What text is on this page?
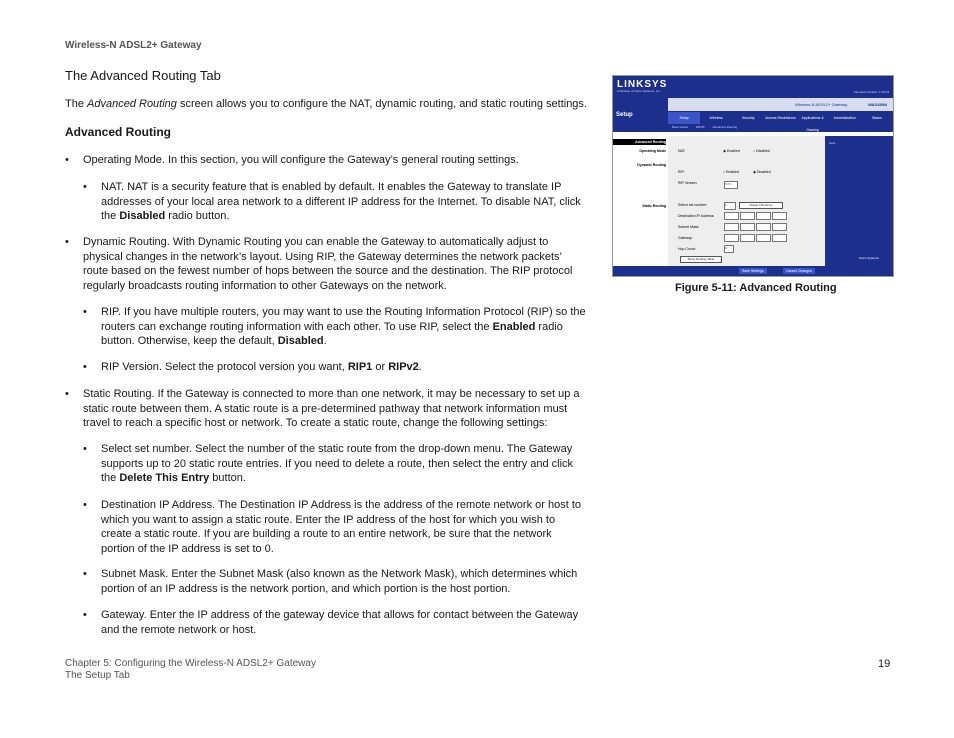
Wireless-N ADSL2+ Gateway
The Advanced Routing Tab
The Advanced Routing screen allows you to configure the NAT, dynamic routing, and static routing settings.
Advanced Routing
•	Operating Mode. In this section, you will configure the Gateway’s general routing settings.
•	NAT. NAT is a security feature that is enabled by default. It enables the Gateway to translate IP addresses of your local area network to a different IP address for the Internet. To disable NAT, click the Disabled radio button.
•	Dynamic Routing. With Dynamic Routing you can enable the Gateway to automatically adjust to physical changes in the network’s layout. Using RIP, the Gateway determines the network packets’ route based on the fewest number of hops between the source and the destination. The RIP protocol regularly broadcasts routing information to other Gateways on the network.
•	RIP. If you have multiple routers, you may want to use the Routing Information Protocol (RIP) so the routers can exchange routing information with each other. To use RIP, select the Enabled radio button. Otherwise, keep the default, Disabled.
•	RIP Version. Select the protocol version you want, RIP1 or RIPv2.
•	Static Routing. If the Gateway is connected to more than one network, it may be necessary to set up a static route between them. A static route is a pre-determined pathway that network information must travel to reach a specific host or network. To create a static route, change the following settings:
•	Select set number. Select the number of the static route from the drop-down menu. The Gateway supports up to 20 static route entries. If you need to delete a route, then select the entry and click the Delete This Entry button.
•	Destination IP Address. The Destination IP Address is the address of the remote network or host to which you want to assign a static route. Enter the IP address of the host for which you wish to create a static route. If you are building a route to an entire network, be sure that the network portion of the IP address is set to 0.
•	Subnet Mask. Enter the Subnet Mask (also known as the Network Mask), which determines which portion of an IP address is the network portion, and which portion is the host portion.
•	Gateway. Enter the IP address of the gateway device that allows for contact between the Gateway and the remote network or host.
LINKSYS
A Division of Cisco Systems, Inc.	Firmware Version: 1.00.03
Wireless-N ADSL2+ Gateway	WAG300N
Setup	Setup	Wireless	Security	Access Restrictions	Applications & Gaming
Administration	Status
Basic Setup	DDNS	Advanced Routing
Advanced Routing
Operating Mode
Dynamic Routing
Static Routing
NAT:	◉ Enabled	○ Disabled
RIP:	○ Enabled	◉ Disabled
RIP Version:	RIP1
Select set number:	1	Delete This Entry
Destination IP Address:
Subnet Mask:
Gateway:
Hop Count:	0
Show Routing Table
Help...
Cisco Systems
Save Settings	Cancel Changes
Figure 5-11: Advanced Routing
Chapter 5: Configuring the Wireless-N ADSL2+ Gateway
The Setup Tab
19
